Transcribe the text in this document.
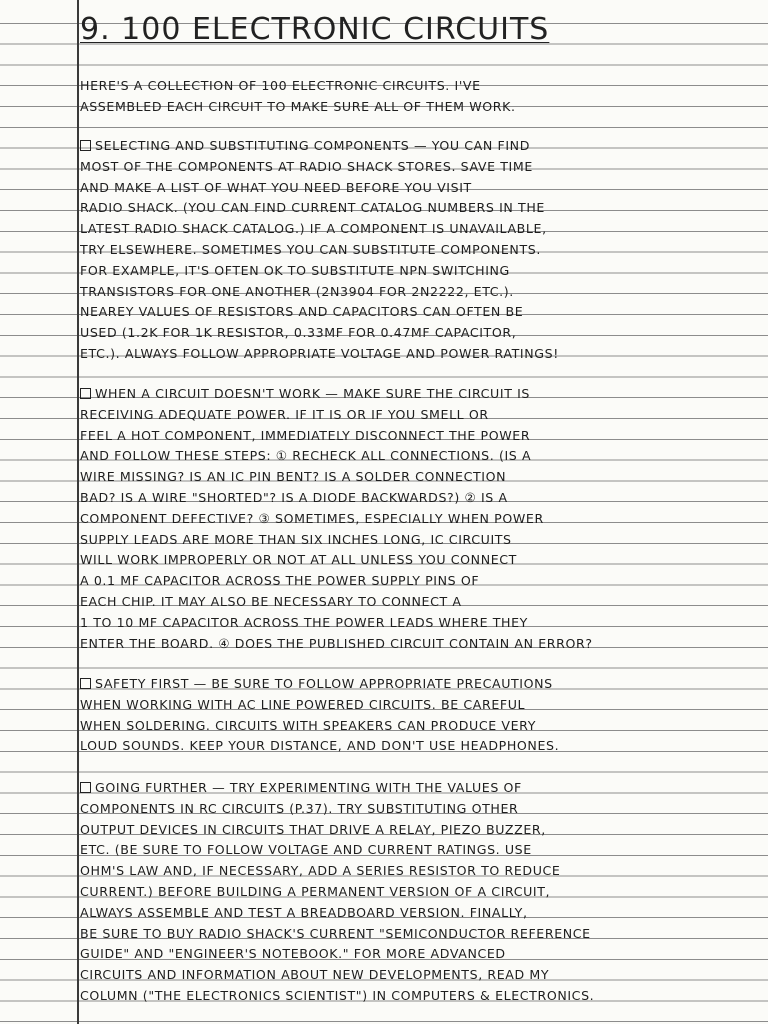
9. 100 ELECTRONIC CIRCUITS
HERE'S A COLLECTION OF 100 ELECTRONIC CIRCUITS. I'VE
ASSEMBLED EACH CIRCUIT TO MAKE SURE ALL OF THEM WORK.
SELECTING AND SUBSTITUTING COMPONENTS — YOU CAN FIND
MOST OF THE COMPONENTS AT RADIO SHACK STORES. SAVE TIME
AND MAKE A LIST OF WHAT YOU NEED BEFORE YOU VISIT
RADIO SHACK. (YOU CAN FIND CURRENT CATALOG NUMBERS IN THE
LATEST RADIO SHACK CATALOG.) IF A COMPONENT IS UNAVAILABLE,
TRY ELSEWHERE. SOMETIMES YOU CAN SUBSTITUTE COMPONENTS.
FOR EXAMPLE, IT'S OFTEN OK TO SUBSTITUTE NPN SWITCHING
TRANSISTORS FOR ONE ANOTHER (2N3904 FOR 2N2222, ETC.).
NEAREY VALUES OF RESISTORS AND CAPACITORS CAN OFTEN BE
USED (1.2K FOR 1K RESISTOR, 0.33ΜF FOR 0.47ΜF CAPACITOR,
ETC.). ALWAYS FOLLOW APPROPRIATE VOLTAGE AND POWER RATINGS!
WHEN A CIRCUIT DOESN'T WORK — MAKE SURE THE CIRCUIT IS
RECEIVING ADEQUATE POWER. IF IT IS OR IF YOU SMELL OR
FEEL A HOT COMPONENT, IMMEDIATELY DISCONNECT THE POWER
AND FOLLOW THESE STEPS: ① RECHECK ALL CONNECTIONS. (IS A
WIRE MISSING? IS AN IC PIN BENT? IS A SOLDER CONNECTION
BAD? IS A WIRE "SHORTED"? IS A DIODE BACKWARDS?) ② IS A
COMPONENT DEFECTIVE? ③ SOMETIMES, ESPECIALLY WHEN POWER
SUPPLY LEADS ARE MORE THAN SIX INCHES LONG, IC CIRCUITS
WILL WORK IMPROPERLY OR NOT AT ALL UNLESS YOU CONNECT
A 0.1 ΜF CAPACITOR ACROSS THE POWER SUPPLY PINS OF
EACH CHIP. IT MAY ALSO BE NECESSARY TO CONNECT A
1 TO 10 ΜF CAPACITOR ACROSS THE POWER LEADS WHERE THEY
ENTER THE BOARD. ④ DOES THE PUBLISHED CIRCUIT CONTAIN AN ERROR?
SAFETY FIRST — BE SURE TO FOLLOW APPROPRIATE PRECAUTIONS
WHEN WORKING WITH AC LINE POWERED CIRCUITS. BE CAREFUL
WHEN SOLDERING. CIRCUITS WITH SPEAKERS CAN PRODUCE VERY
LOUD SOUNDS. KEEP YOUR DISTANCE, AND DON'T USE HEADPHONES.
GOING FURTHER — TRY EXPERIMENTING WITH THE VALUES OF
COMPONENTS IN RC CIRCUITS (P.37). TRY SUBSTITUTING OTHER
OUTPUT DEVICES IN CIRCUITS THAT DRIVE A RELAY, PIEZO BUZZER,
ETC. (BE SURE TO FOLLOW VOLTAGE AND CURRENT RATINGS. USE
OHM'S LAW AND, IF NECESSARY, ADD A SERIES RESISTOR TO REDUCE
CURRENT.) BEFORE BUILDING A PERMANENT VERSION OF A CIRCUIT,
ALWAYS ASSEMBLE AND TEST A BREADBOARD VERSION. FINALLY,
BE SURE TO BUY RADIO SHACK'S CURRENT "SEMICONDUCTOR REFERENCE
GUIDE" AND "ENGINEER'S NOTEBOOK." FOR MORE ADVANCED
CIRCUITS AND INFORMATION ABOUT NEW DEVELOPMENTS, READ MY
COLUMN ("THE ELECTRONICS SCIENTIST") IN COMPUTERS & ELECTRONICS.
